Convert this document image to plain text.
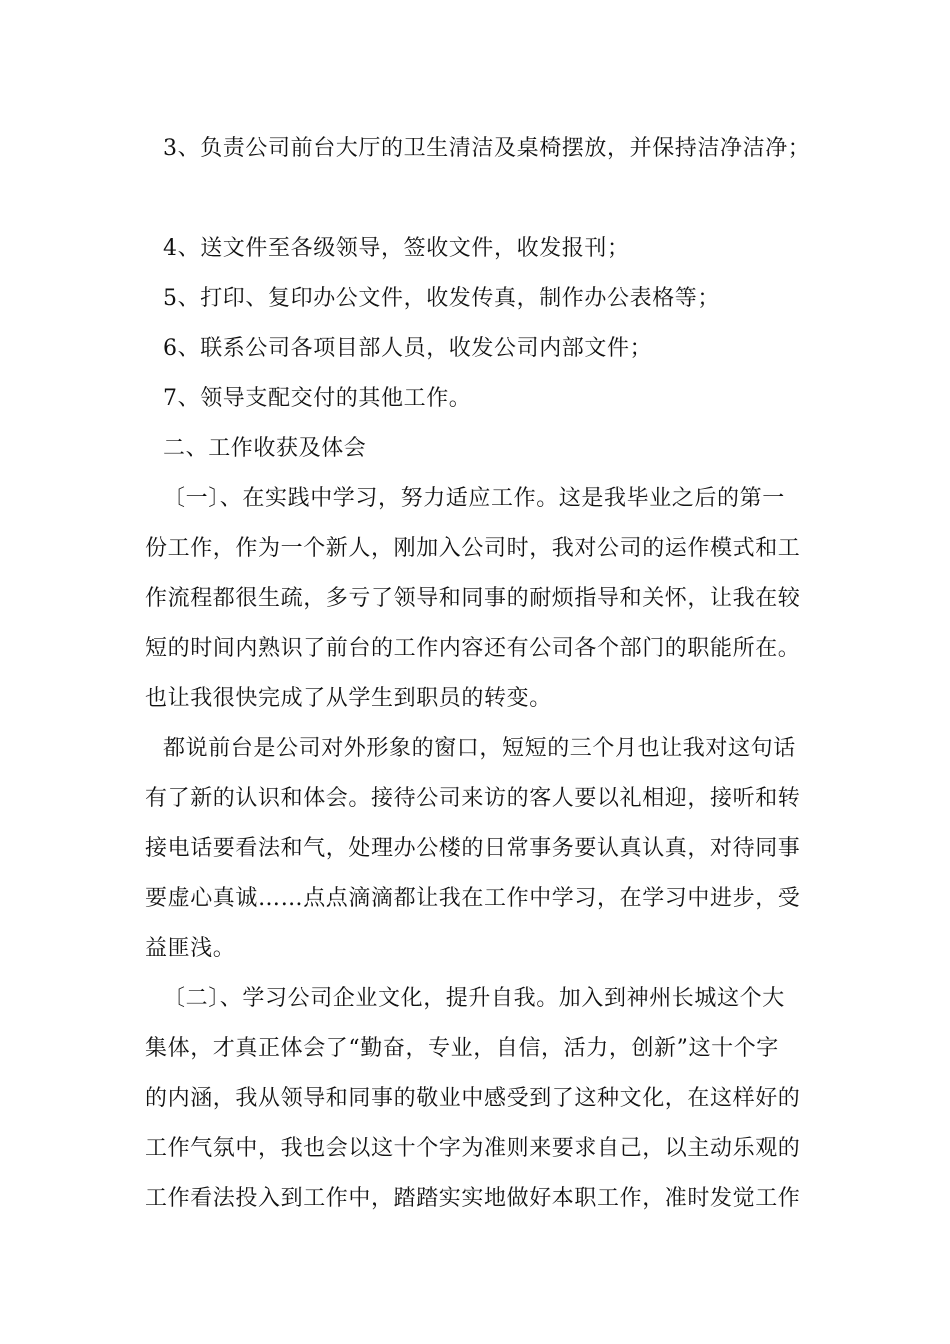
3、负责公司前台大厅的卫生清洁及桌椅摆放，并保持洁净洁净；
4、送文件至各级领导，签收文件，收发报刊；
5、打印、复印办公文件，收发传真，制作办公表格等；
6、联系公司各项目部人员，收发公司内部文件；
7、领导支配交付的其他工作。
二、工作收获及体会
〔一〕、在实践中学习，努力适应工作。这是我毕业之后的第一
份工作，作为一个新人，刚加入公司时，我对公司的运作模式和工
作流程都很生疏，多亏了领导和同事的耐烦指导和关怀，让我在较
短的时间内熟识了前台的工作内容还有公司各个部门的职能所在。
也让我很快完成了从学生到职员的转变。
都说前台是公司对外形象的窗口，短短的三个月也让我对这句话
有了新的认识和体会。接待公司来访的客人要以礼相迎，接听和转
接电话要看法和气，处理办公楼的日常事务要认真认真，对待同事
要虚心真诚……点点滴滴都让我在工作中学习，在学习中进步，受
益匪浅。
〔二〕、学习公司企业文化，提升自我。加入到神州长城这个大
集体，才真正体会了“勤奋，专业，自信，活力，创新”这十个字
的内涵，我从领导和同事的敬业中感受到了这种文化，在这样好的
工作气氛中，我也会以这十个字为准则来要求自己，以主动乐观的
工作看法投入到工作中，踏踏实实地做好本职工作，准时发觉工作
